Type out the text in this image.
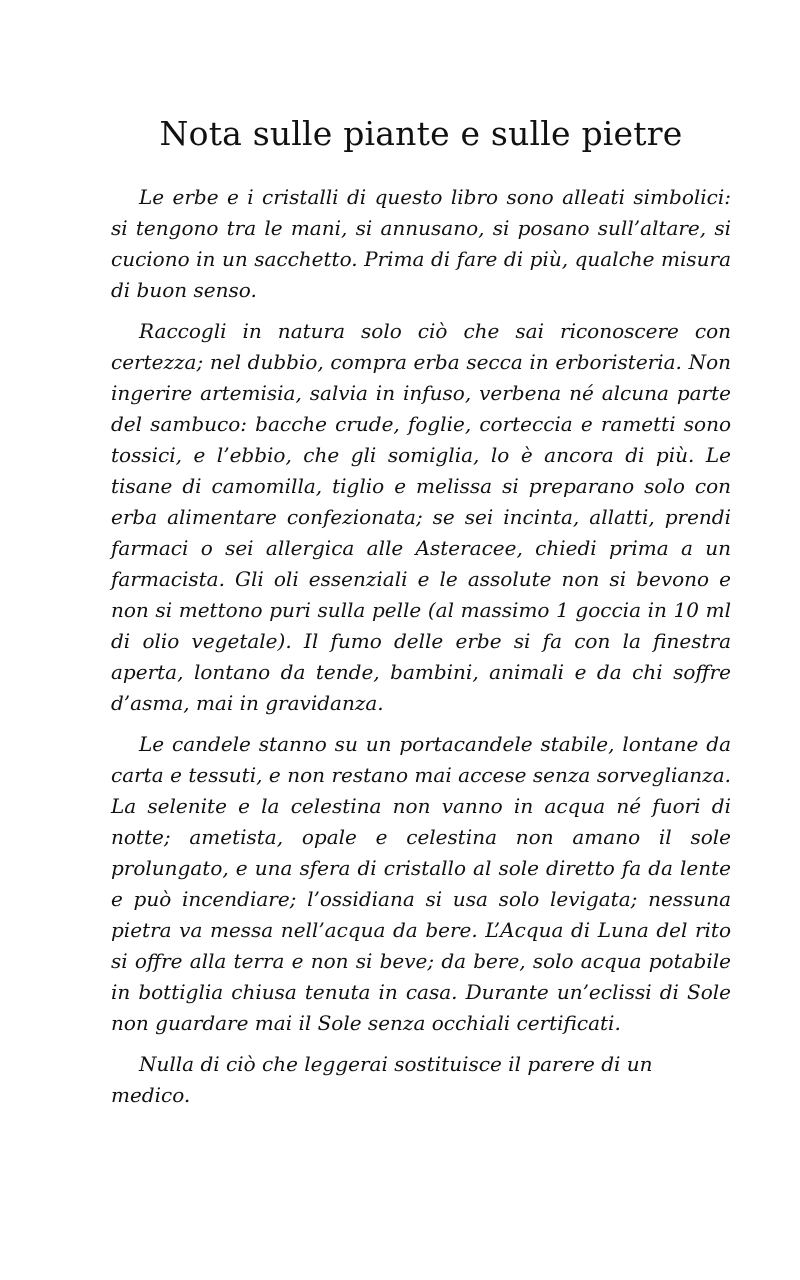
Nota sulle piante e sulle pietre

Le erbe e i cristalli di questo libro sono alleati simbolici: si tengono tra le mani, si annusano, si posano sull’altare, si cuciono in un sacchetto. Prima di fare di più, qualche misura di buon senso.

Raccogli in natura solo ciò che sai riconoscere con certezza; nel dubbio, compra erba secca in erboristeria. Non ingerire artemisia, salvia in infuso, verbena né alcuna parte del sambuco: bacche crude, foglie, corteccia e rametti sono tossici, e l’ebbio, che gli somiglia, lo è ancora di più. Le tisane di camomilla, tiglio e melissa si preparano solo con erba alimentare confezionata; se sei incinta, allatti, prendi farmaci o sei allergica alle Asteracee, chiedi prima a un farmacista. Gli oli essenziali e le assolute non si bevono e non si mettono puri sulla pelle (al massimo 1 goccia in 10 ml di olio vegetale). Il fumo delle erbe si fa con la finestra aperta, lontano da tende, bambini, animali e da chi soffre d’asma, mai in gravidanza.

Le candele stanno su un portacandele stabile, lontane da carta e tessuti, e non restano mai accese senza sorveglianza. La selenite e la celestina non vanno in acqua né fuori di notte; ametista, opale e celestina non amano il sole prolungato, e una sfera di cristallo al sole diretto fa da lente e può incendiare; l’ossidiana si usa solo levigata; nessuna pietra va messa nell’acqua da bere. L’Acqua di Luna del rito si offre alla terra e non si beve; da bere, solo acqua potabile in bottiglia chiusa tenuta in casa. Durante un’eclissi di Sole non guardare mai il Sole senza occhiali certificati.

Nulla di ciò che leggerai sostituisce il parere di un medico.
